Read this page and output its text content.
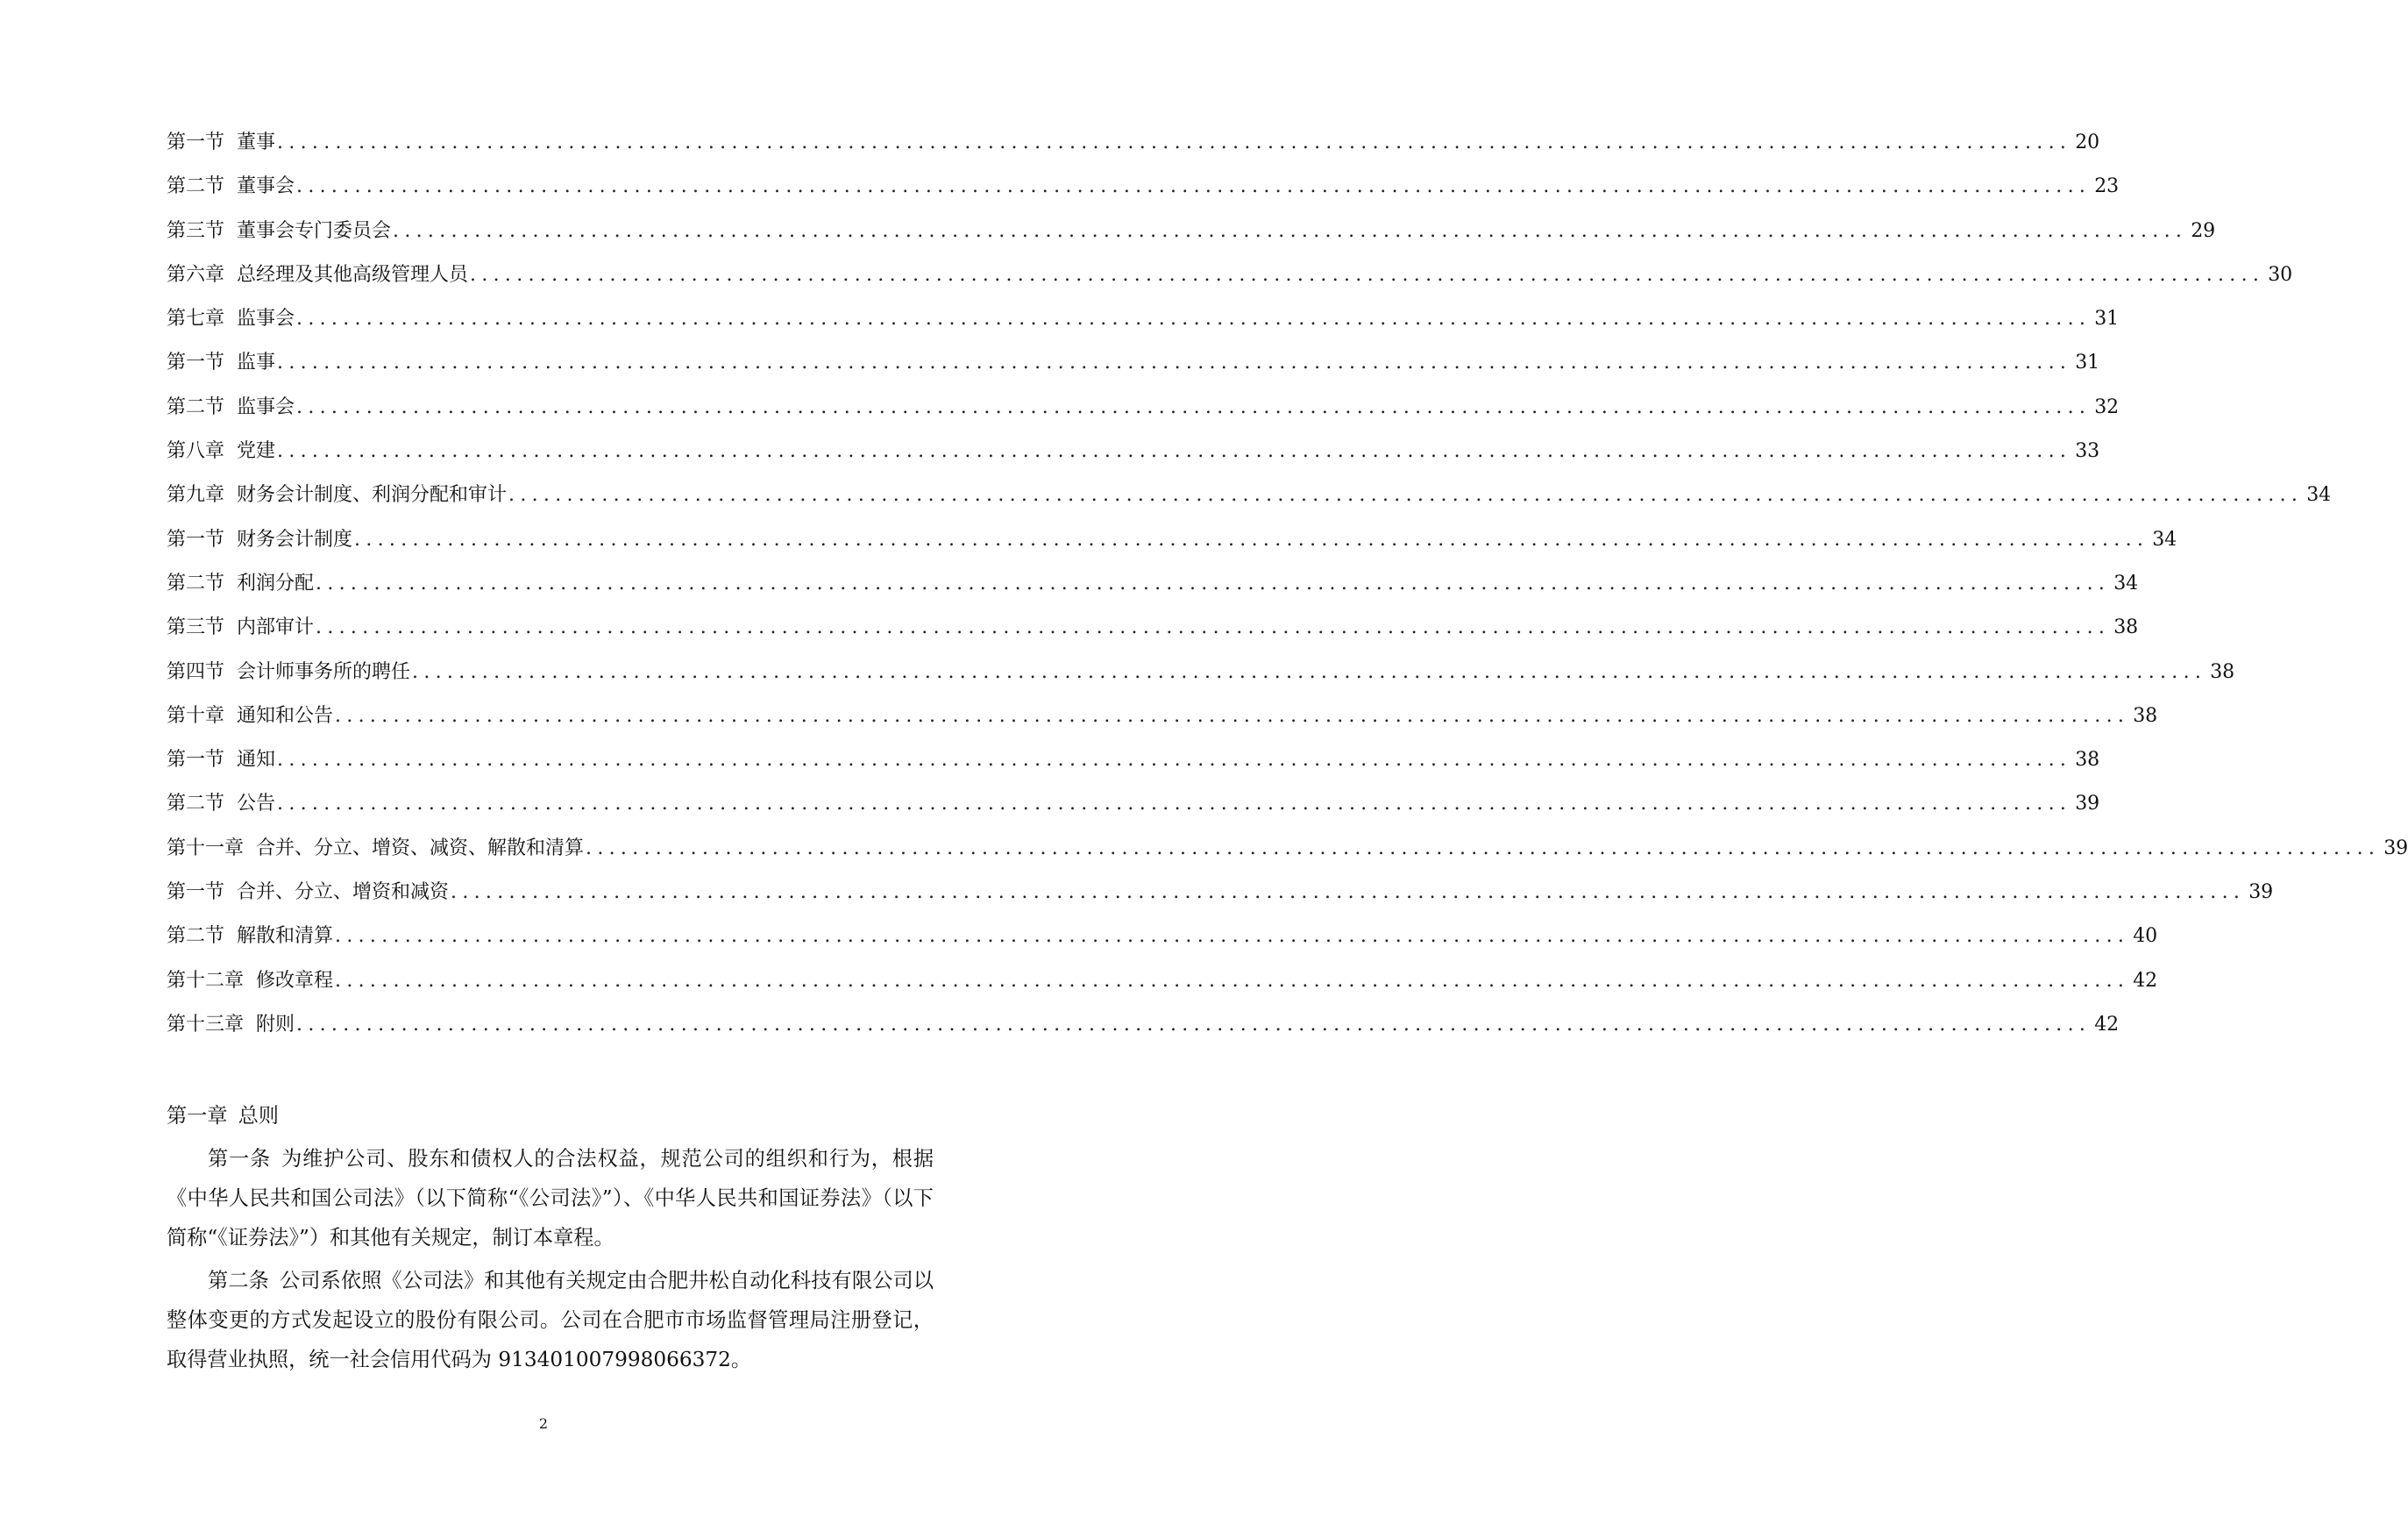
第一节 董事 .......................................................................................................................................................... 20
第二节 董事会 .......................................................................................................................................................... 23
第三节 董事会专门委员会 .......................................................................................................................................................... 29
第六章 总经理及其他高级管理人员 .......................................................................................................................................................... 30
第七章 监事会 .......................................................................................................................................................... 31
第一节 监事 .......................................................................................................................................................... 31
第二节 监事会 .......................................................................................................................................................... 32
第八章 党建 .......................................................................................................................................................... 33
第九章 财务会计制度、利润分配和审计 .......................................................................................................................................................... 34
第一节 财务会计制度 .......................................................................................................................................................... 34
第二节 利润分配 .......................................................................................................................................................... 34
第三节 内部审计 .......................................................................................................................................................... 38
第四节 会计师事务所的聘任 .......................................................................................................................................................... 38
第十章 通知和公告 .......................................................................................................................................................... 38
第一节 通知 .......................................................................................................................................................... 38
第二节 公告 .......................................................................................................................................................... 39
第十一章 合并、分立、增资、减资、解散和清算 .......................................................................................................................................................... 39
第一节 合并、分立、增资和减资 .......................................................................................................................................................... 39
第二节 解散和清算 .......................................................................................................................................................... 40
第十二章 修改章程 .......................................................................................................................................................... 42
第十三章 附则 .......................................................................................................................................................... 42
第一章 总则

第一条 为维护公司、股东和债权人的合法权益，规范公司的组织和行为，根据《中华人民共和国公司法》（以下简称“《公司法》”）、《中华人民共和国证券法》（以下简称“《证券法》”）和其他有关规定，制订本章程。

第二条 公司系依照《公司法》和其他有关规定由合肥井松自动化科技有限公司以整体变更的方式发起设立的股份有限公司。公司在合肥市市场监督管理局注册登记，取得营业执照，统一社会信用代码为 913401007998066372。

2
